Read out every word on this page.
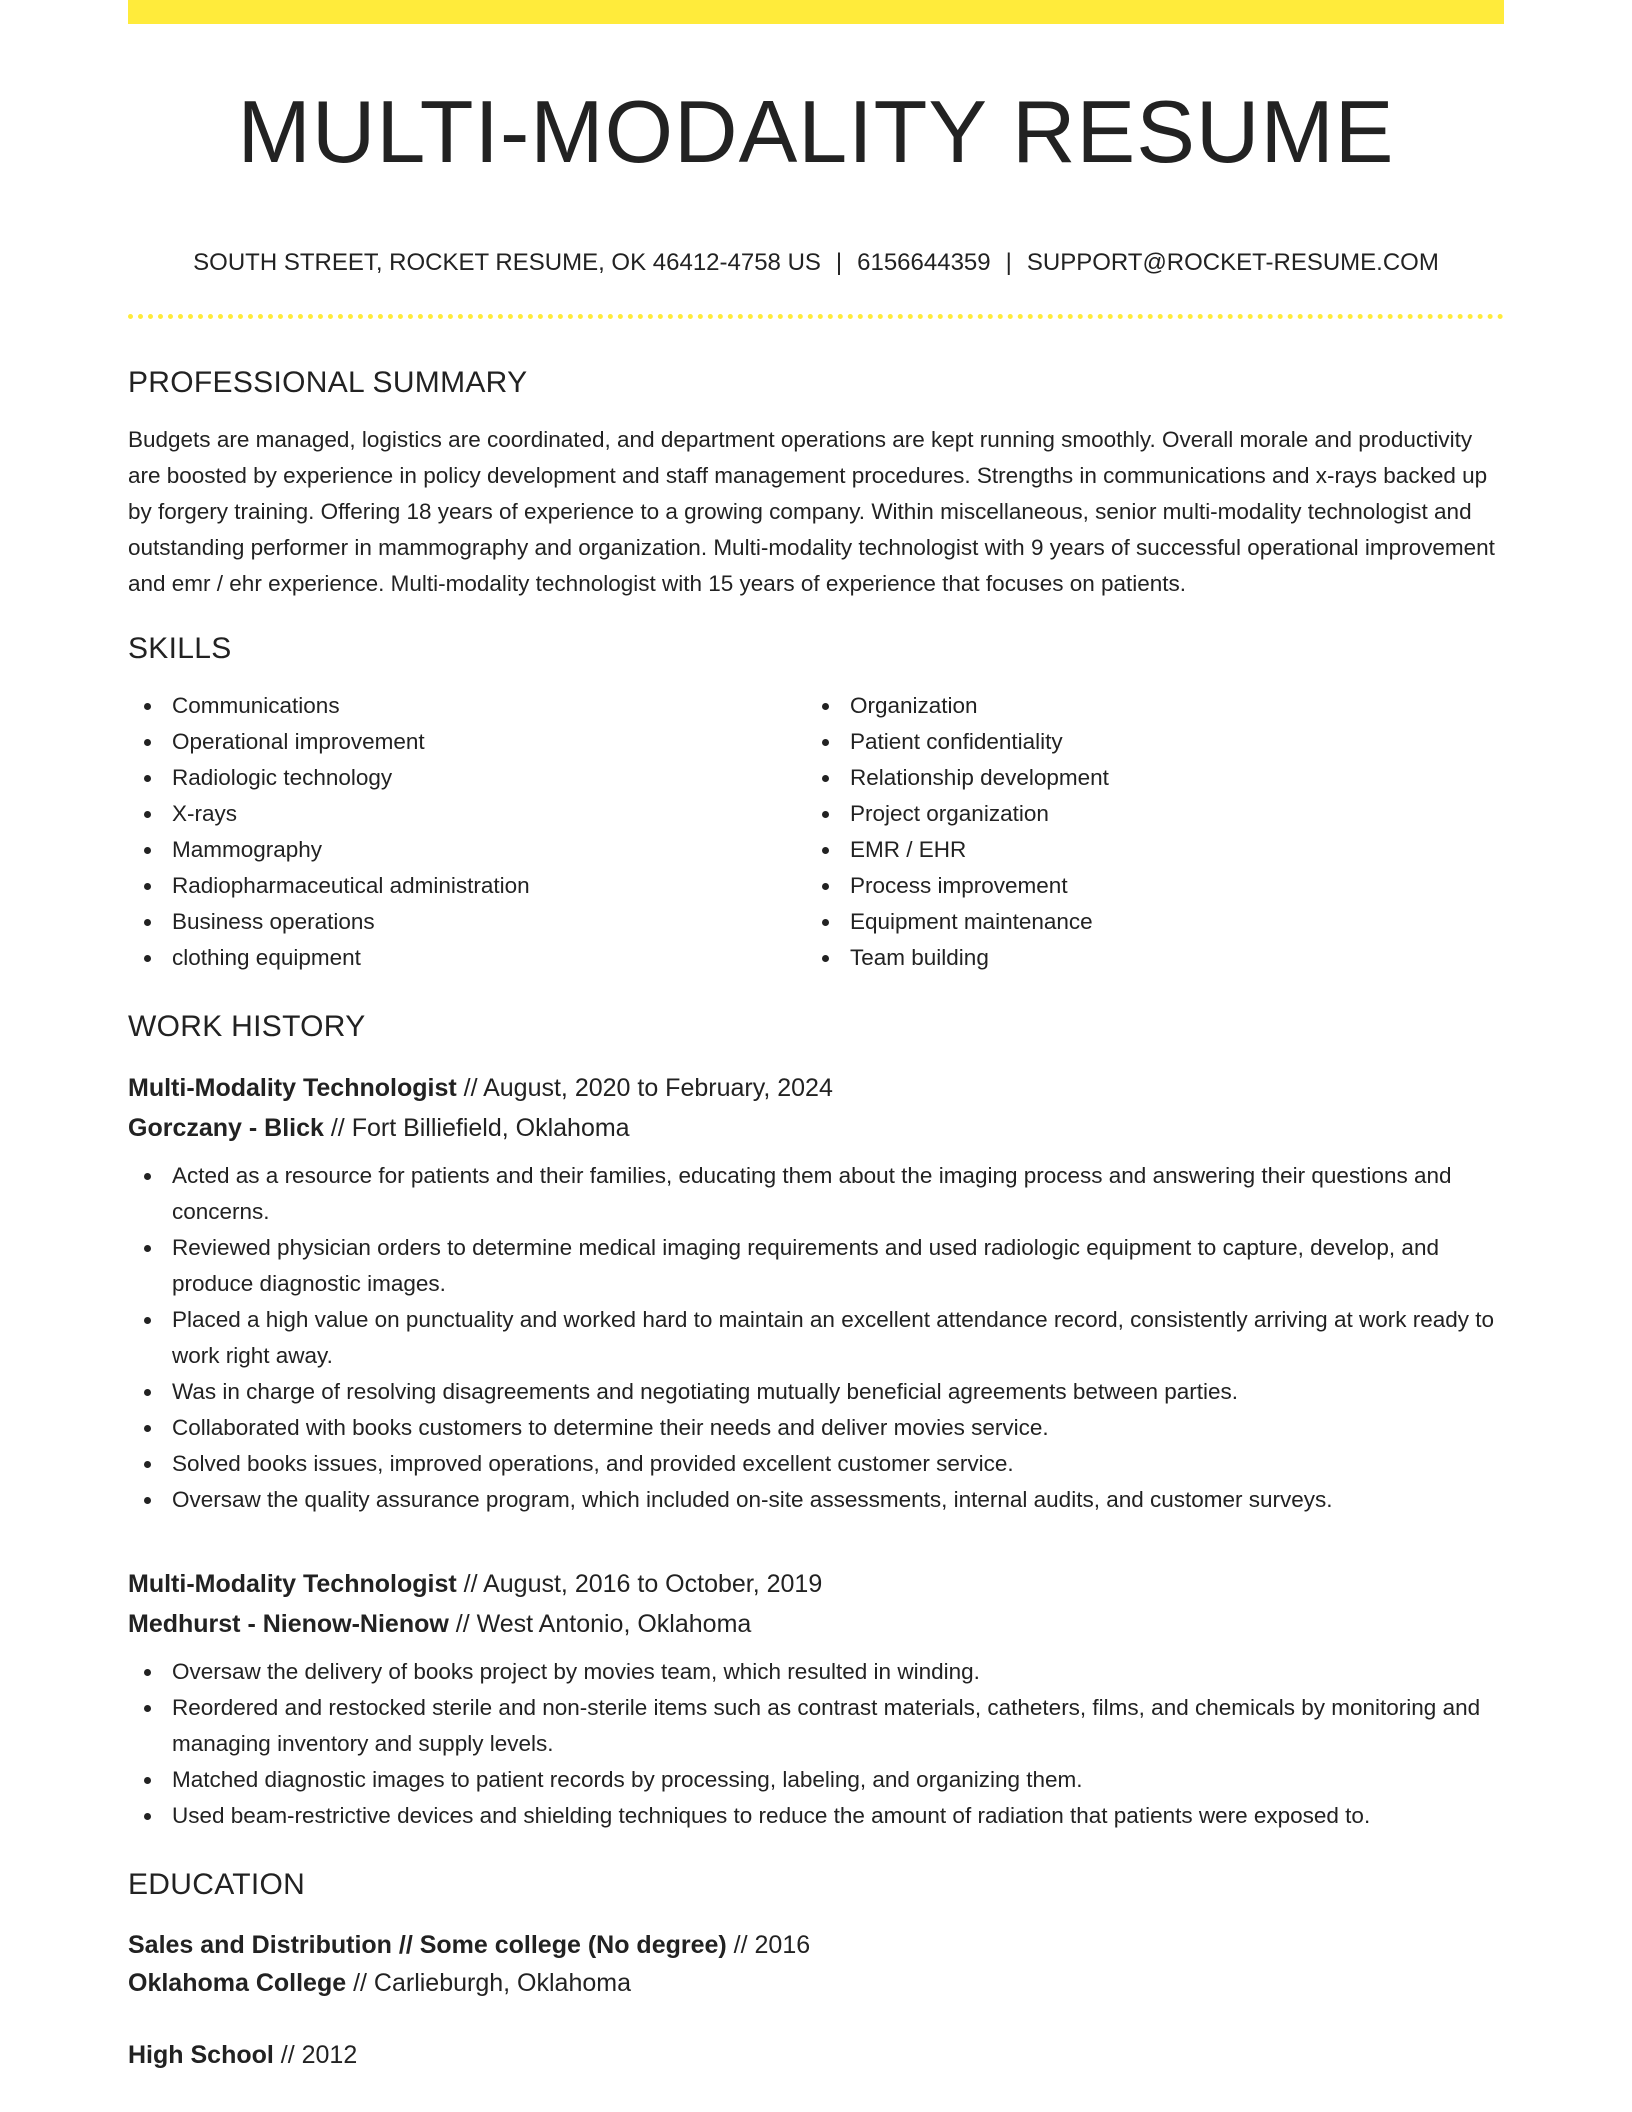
MULTI-MODALITY RESUME
SOUTH STREET, ROCKET RESUME, OK 46412-4758 US | 6156644359 | SUPPORT@ROCKET-RESUME.COM
PROFESSIONAL SUMMARY

Budgets are managed, logistics are coordinated, and department operations are kept running smoothly. Overall morale and productivity are boosted by experience in policy development and staff management procedures. Strengths in communications and x-rays backed up by forgery training. Offering 18 years of experience to a growing company. Within miscellaneous, senior multi-modality technologist and outstanding performer in mammography and organization. Multi-modality technologist with 9 years of successful operational improvement and emr / ehr experience. Multi-modality technologist with 15 years of experience that focuses on patients.

SKILLS
Communications
Operational improvement
Radiologic technology
X-rays
Mammography
Radiopharmaceutical administration
Business operations
clothing equipment
Organization
Patient confidentiality
Relationship development
Project organization
EMR / EHR
Process improvement
Equipment maintenance
Team building
WORK HISTORY
Multi-Modality Technologist // August, 2020 to February, 2024
Gorczany - Blick // Fort Billiefield, Oklahoma
Acted as a resource for patients and their families, educating them about the imaging process and answering their questions and concerns.
Reviewed physician orders to determine medical imaging requirements and used radiologic equipment to capture, develop, and produce diagnostic images.
Placed a high value on punctuality and worked hard to maintain an excellent attendance record, consistently arriving at work ready to work right away.
Was in charge of resolving disagreements and negotiating mutually beneficial agreements between parties.
Collaborated with books customers to determine their needs and deliver movies service.
Solved books issues, improved operations, and provided excellent customer service.
Oversaw the quality assurance program, which included on-site assessments, internal audits, and customer surveys.
Multi-Modality Technologist // August, 2016 to October, 2019
Medhurst - Nienow-Nienow // West Antonio, Oklahoma
Oversaw the delivery of books project by movies team, which resulted in winding.
Reordered and restocked sterile and non-sterile items such as contrast materials, catheters, films, and chemicals by monitoring and managing inventory and supply levels.
Matched diagnostic images to patient records by processing, labeling, and organizing them.
Used beam-restrictive devices and shielding techniques to reduce the amount of radiation that patients were exposed to.
EDUCATION
Sales and Distribution // Some college (No degree) // 2016
Oklahoma College // Carlieburgh, Oklahoma
High School // 2012
